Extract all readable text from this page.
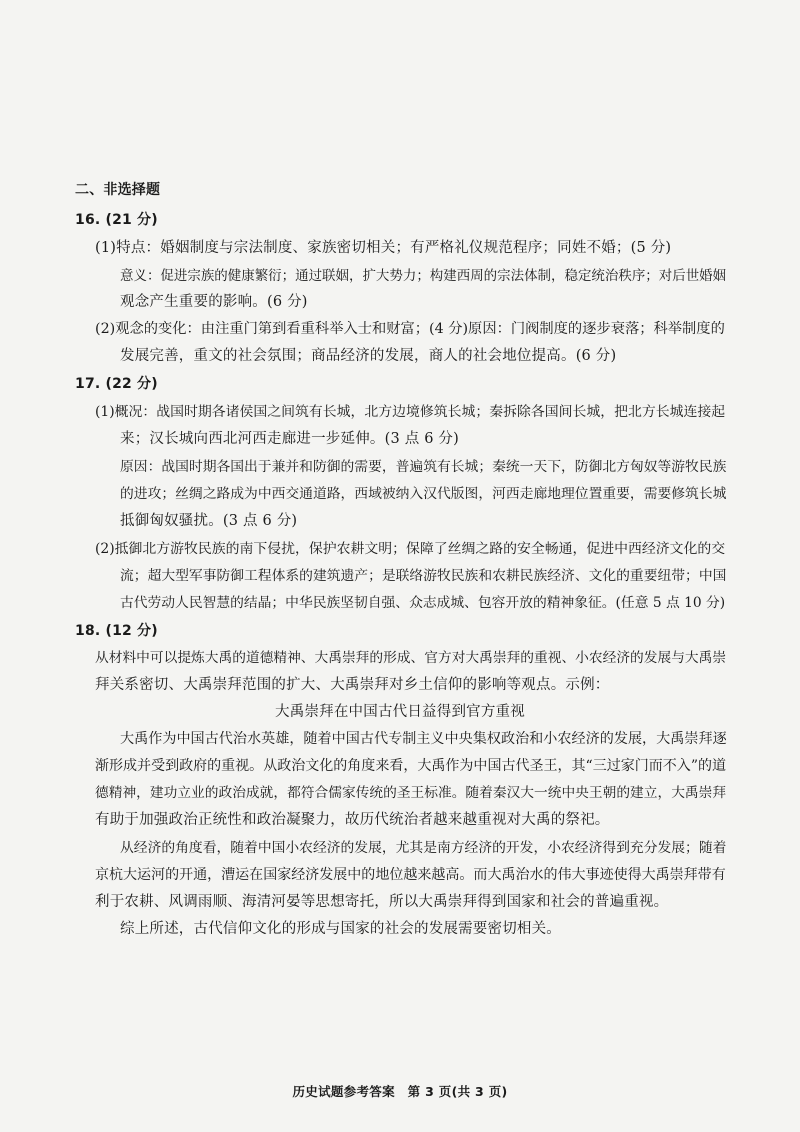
二、非选择题
16. (21 分)
(1)特点：婚姻制度与宗法制度、家族密切相关；有严格礼仪规范程序；同姓不婚；(5 分)
意义：促进宗族的健康繁衍；通过联姻，扩大势力；构建西周的宗法体制，稳定统治秩序；对后世婚姻
观念产生重要的影响。(6 分)
(2)观念的变化：由注重门第到看重科举入士和财富；(4 分)原因：门阀制度的逐步衰落；科举制度的
发展完善，重文的社会氛围；商品经济的发展，商人的社会地位提高。(6 分)
17. (22 分)
(1)概况：战国时期各诸侯国之间筑有长城，北方边境修筑长城；秦拆除各国间长城，把北方长城连接起
来；汉长城向西北河西走廊进一步延伸。(3 点 6 分)
原因：战国时期各国出于兼并和防御的需要，普遍筑有长城；秦统一天下，防御北方匈奴等游牧民族
的进攻；丝绸之路成为中西交通道路，西域被纳入汉代版图，河西走廊地理位置重要，需要修筑长城
抵御匈奴骚扰。(3 点 6 分)
(2)抵御北方游牧民族的南下侵扰，保护农耕文明；保障了丝绸之路的安全畅通，促进中西经济文化的交
流；超大型军事防御工程体系的建筑遗产；是联络游牧民族和农耕民族经济、文化的重要纽带；中国
古代劳动人民智慧的结晶；中华民族坚韧自强、众志成城、包容开放的精神象征。(任意 5 点 10 分)
18. (12 分)
从材料中可以提炼大禹的道德精神、大禹崇拜的形成、官方对大禹崇拜的重视、小农经济的发展与大禹崇
拜关系密切、大禹崇拜范围的扩大、大禹崇拜对乡土信仰的影响等观点。示例：
大禹崇拜在中国古代日益得到官方重视
大禹作为中国古代治水英雄，随着中国古代专制主义中央集权政治和小农经济的发展，大禹崇拜逐
渐形成并受到政府的重视。从政治文化的角度来看，大禹作为中国古代圣王，其“三过家门而不入”的道
德精神，建功立业的政治成就，都符合儒家传统的圣王标准。随着秦汉大一统中央王朝的建立，大禹崇拜
有助于加强政治正统性和政治凝聚力，故历代统治者越来越重视对大禹的祭祀。
从经济的角度看，随着中国小农经济的发展，尤其是南方经济的开发，小农经济得到充分发展；随着
京杭大运河的开通，漕运在国家经济发展中的地位越来越高。而大禹治水的伟大事迹使得大禹崇拜带有
利于农耕、风调雨顺、海清河晏等思想寄托，所以大禹崇拜得到国家和社会的普遍重视。
综上所述，古代信仰文化的形成与国家的社会的发展需要密切相关。
历史试题参考答案　第 3 页(共 3 页)
